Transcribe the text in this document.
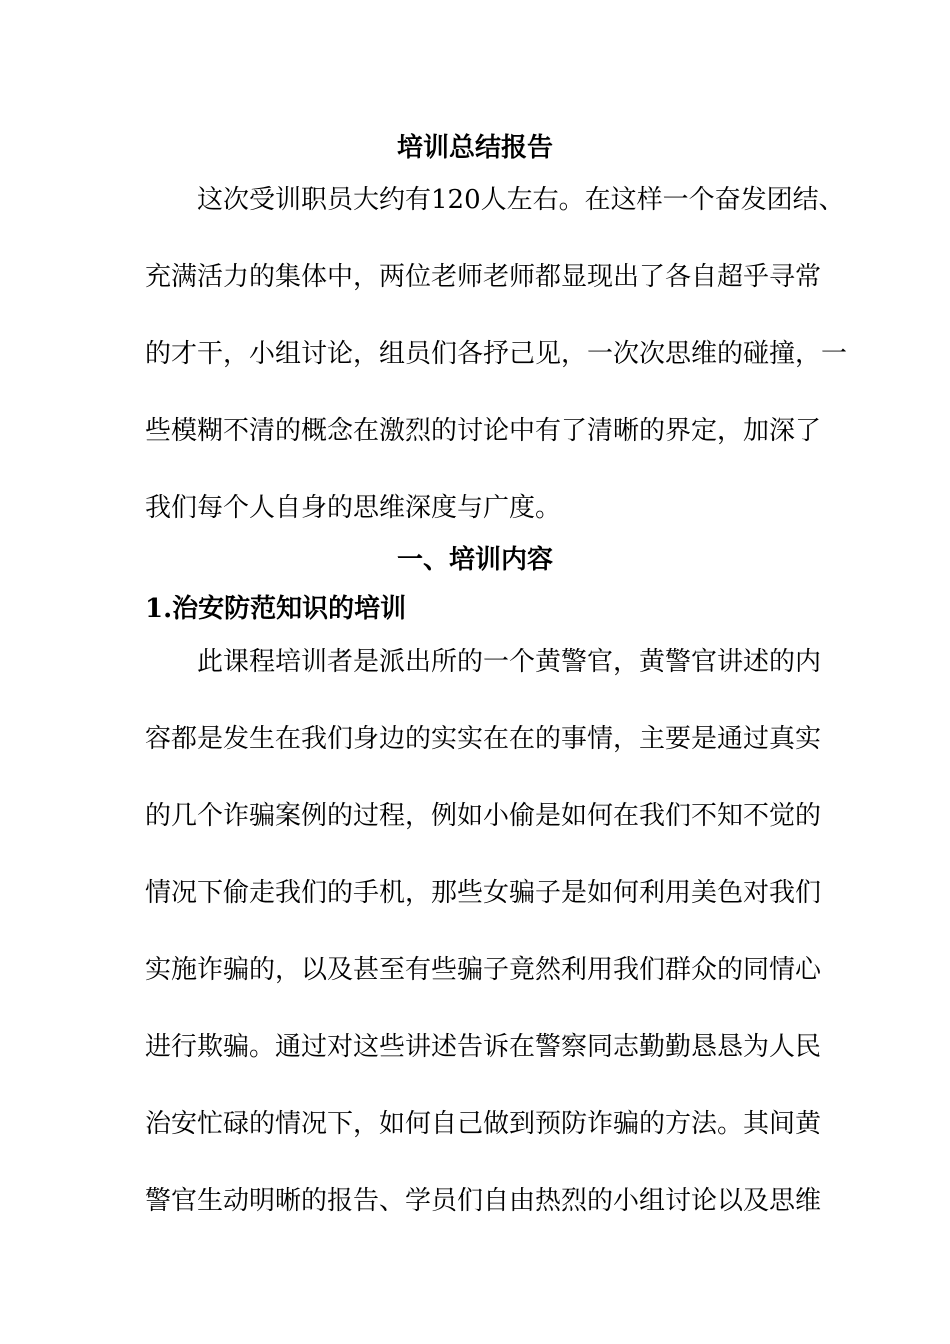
培训总结报告
这次受训职员大约有120人左右。在这样一个奋发团结、
充满活力的集体中，两位老师老师都显现出了各自超乎寻常
的才干，小组讨论，组员们各抒己见，一次次思维的碰撞，一
些模糊不清的概念在激烈的讨论中有了清晰的界定，加深了
我们每个人自身的思维深度与广度。
一、培训内容
1.治安防范知识的培训
此课程培训者是派出所的一个黄警官，黄警官讲述的内
容都是发生在我们身边的实实在在的事情，主要是通过真实
的几个诈骗案例的过程，例如小偷是如何在我们不知不觉的
情况下偷走我们的手机，那些女骗子是如何利用美色对我们
实施诈骗的，以及甚至有些骗子竟然利用我们群众的同情心
进行欺骗。通过对这些讲述告诉在警察同志勤勤恳恳为人民
治安忙碌的情况下，如何自己做到预防诈骗的方法。其间黄
警官生动明晰的报告、学员们自由热烈的小组讨论以及思维
